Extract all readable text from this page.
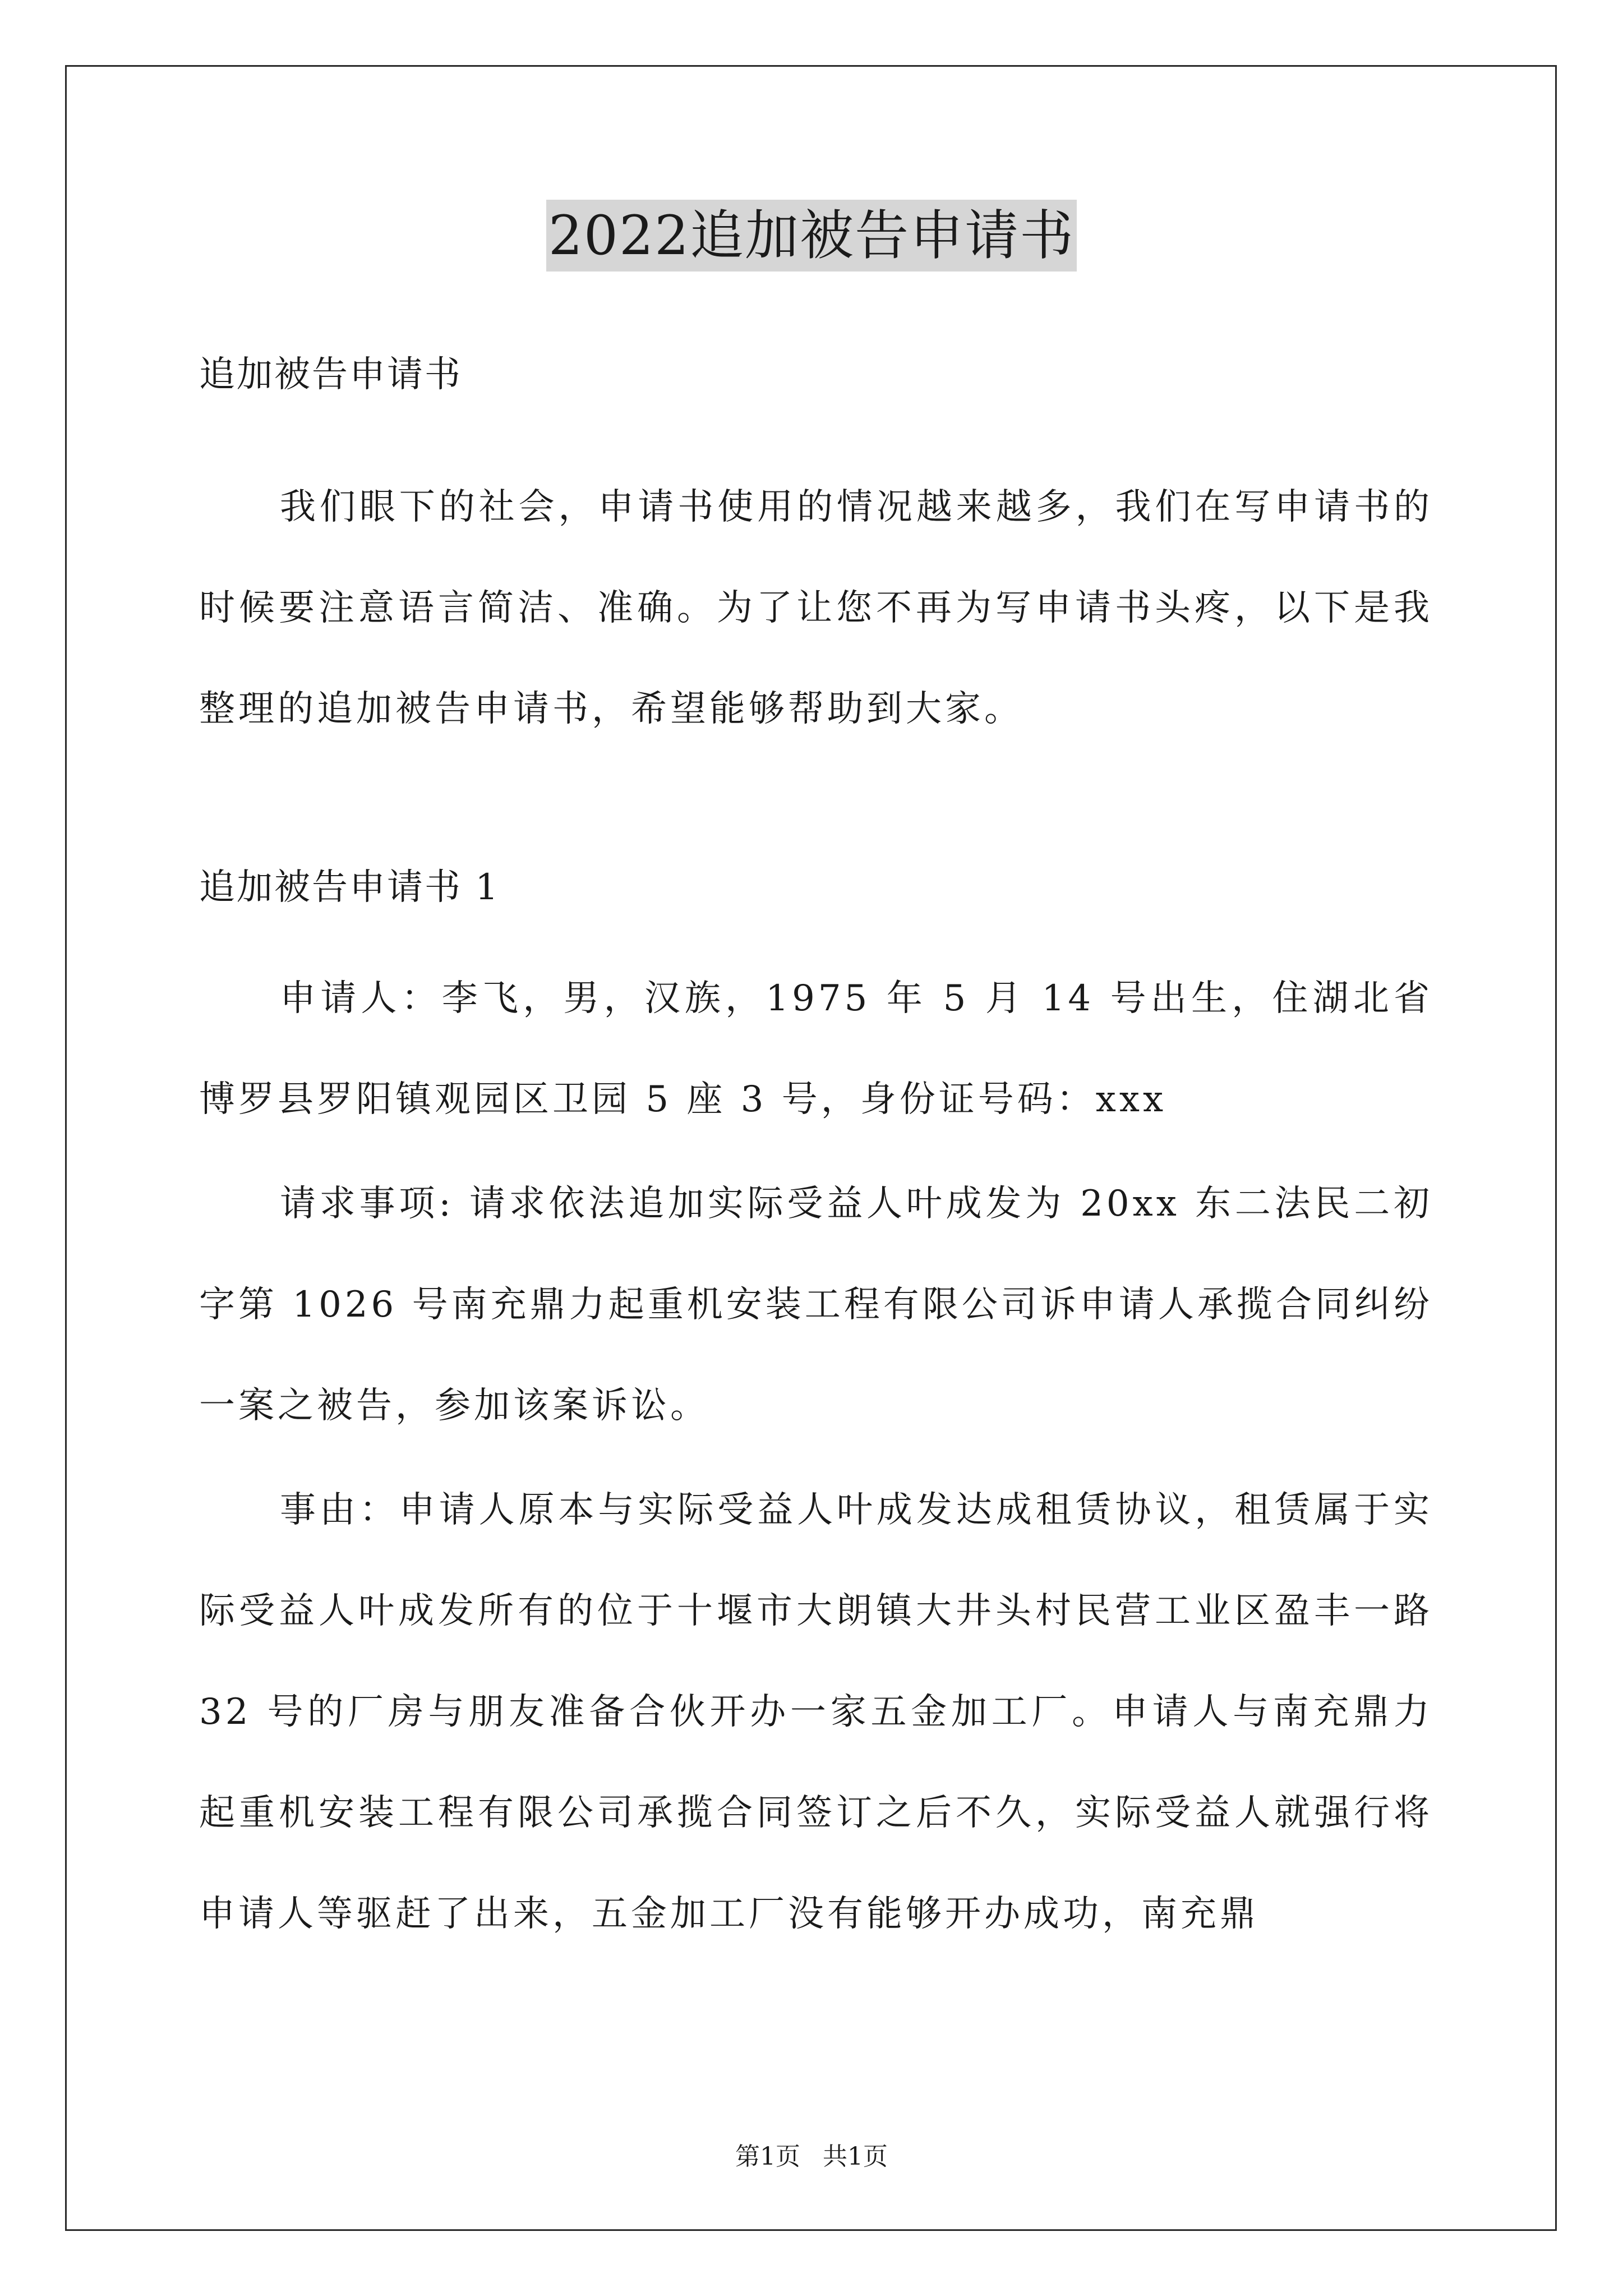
2022追加被告申请书

追加被告申请书

我们眼下的社会，申请书使用的情况越来越多，我们在写申请书的时候要注意语言简洁、准确。为了让您不再为写申请书头疼，以下是我整理的追加被告申请书，希望能够帮助到大家。

追加被告申请书 1

申请人：李飞，男，汉族，1975 年 5 月 14 号出生，住湖北省博罗县罗阳镇观园区卫园 5 座 3 号，身份证号码：xxx

请求事项: 请求依法追加实际受益人叶成发为 20xx 东二法民二初字第 1026 号南充鼎力起重机安装工程有限公司诉申请人承揽合同纠纷一案之被告，参加该案诉讼。

事由：申请人原本与实际受益人叶成发达成租赁协议，租赁属于实际受益人叶成发所有的位于十堰市大朗镇大井头村民营工业区盈丰一路 32 号的厂房与朋友准备合伙开办一家五金加工厂。申请人与南充鼎力起重机安装工程有限公司承揽合同签订之后不久，实际受益人就强行将申请人等驱赶了出来，五金加工厂没有能够开办成功，南充鼎

第1页 共1页
